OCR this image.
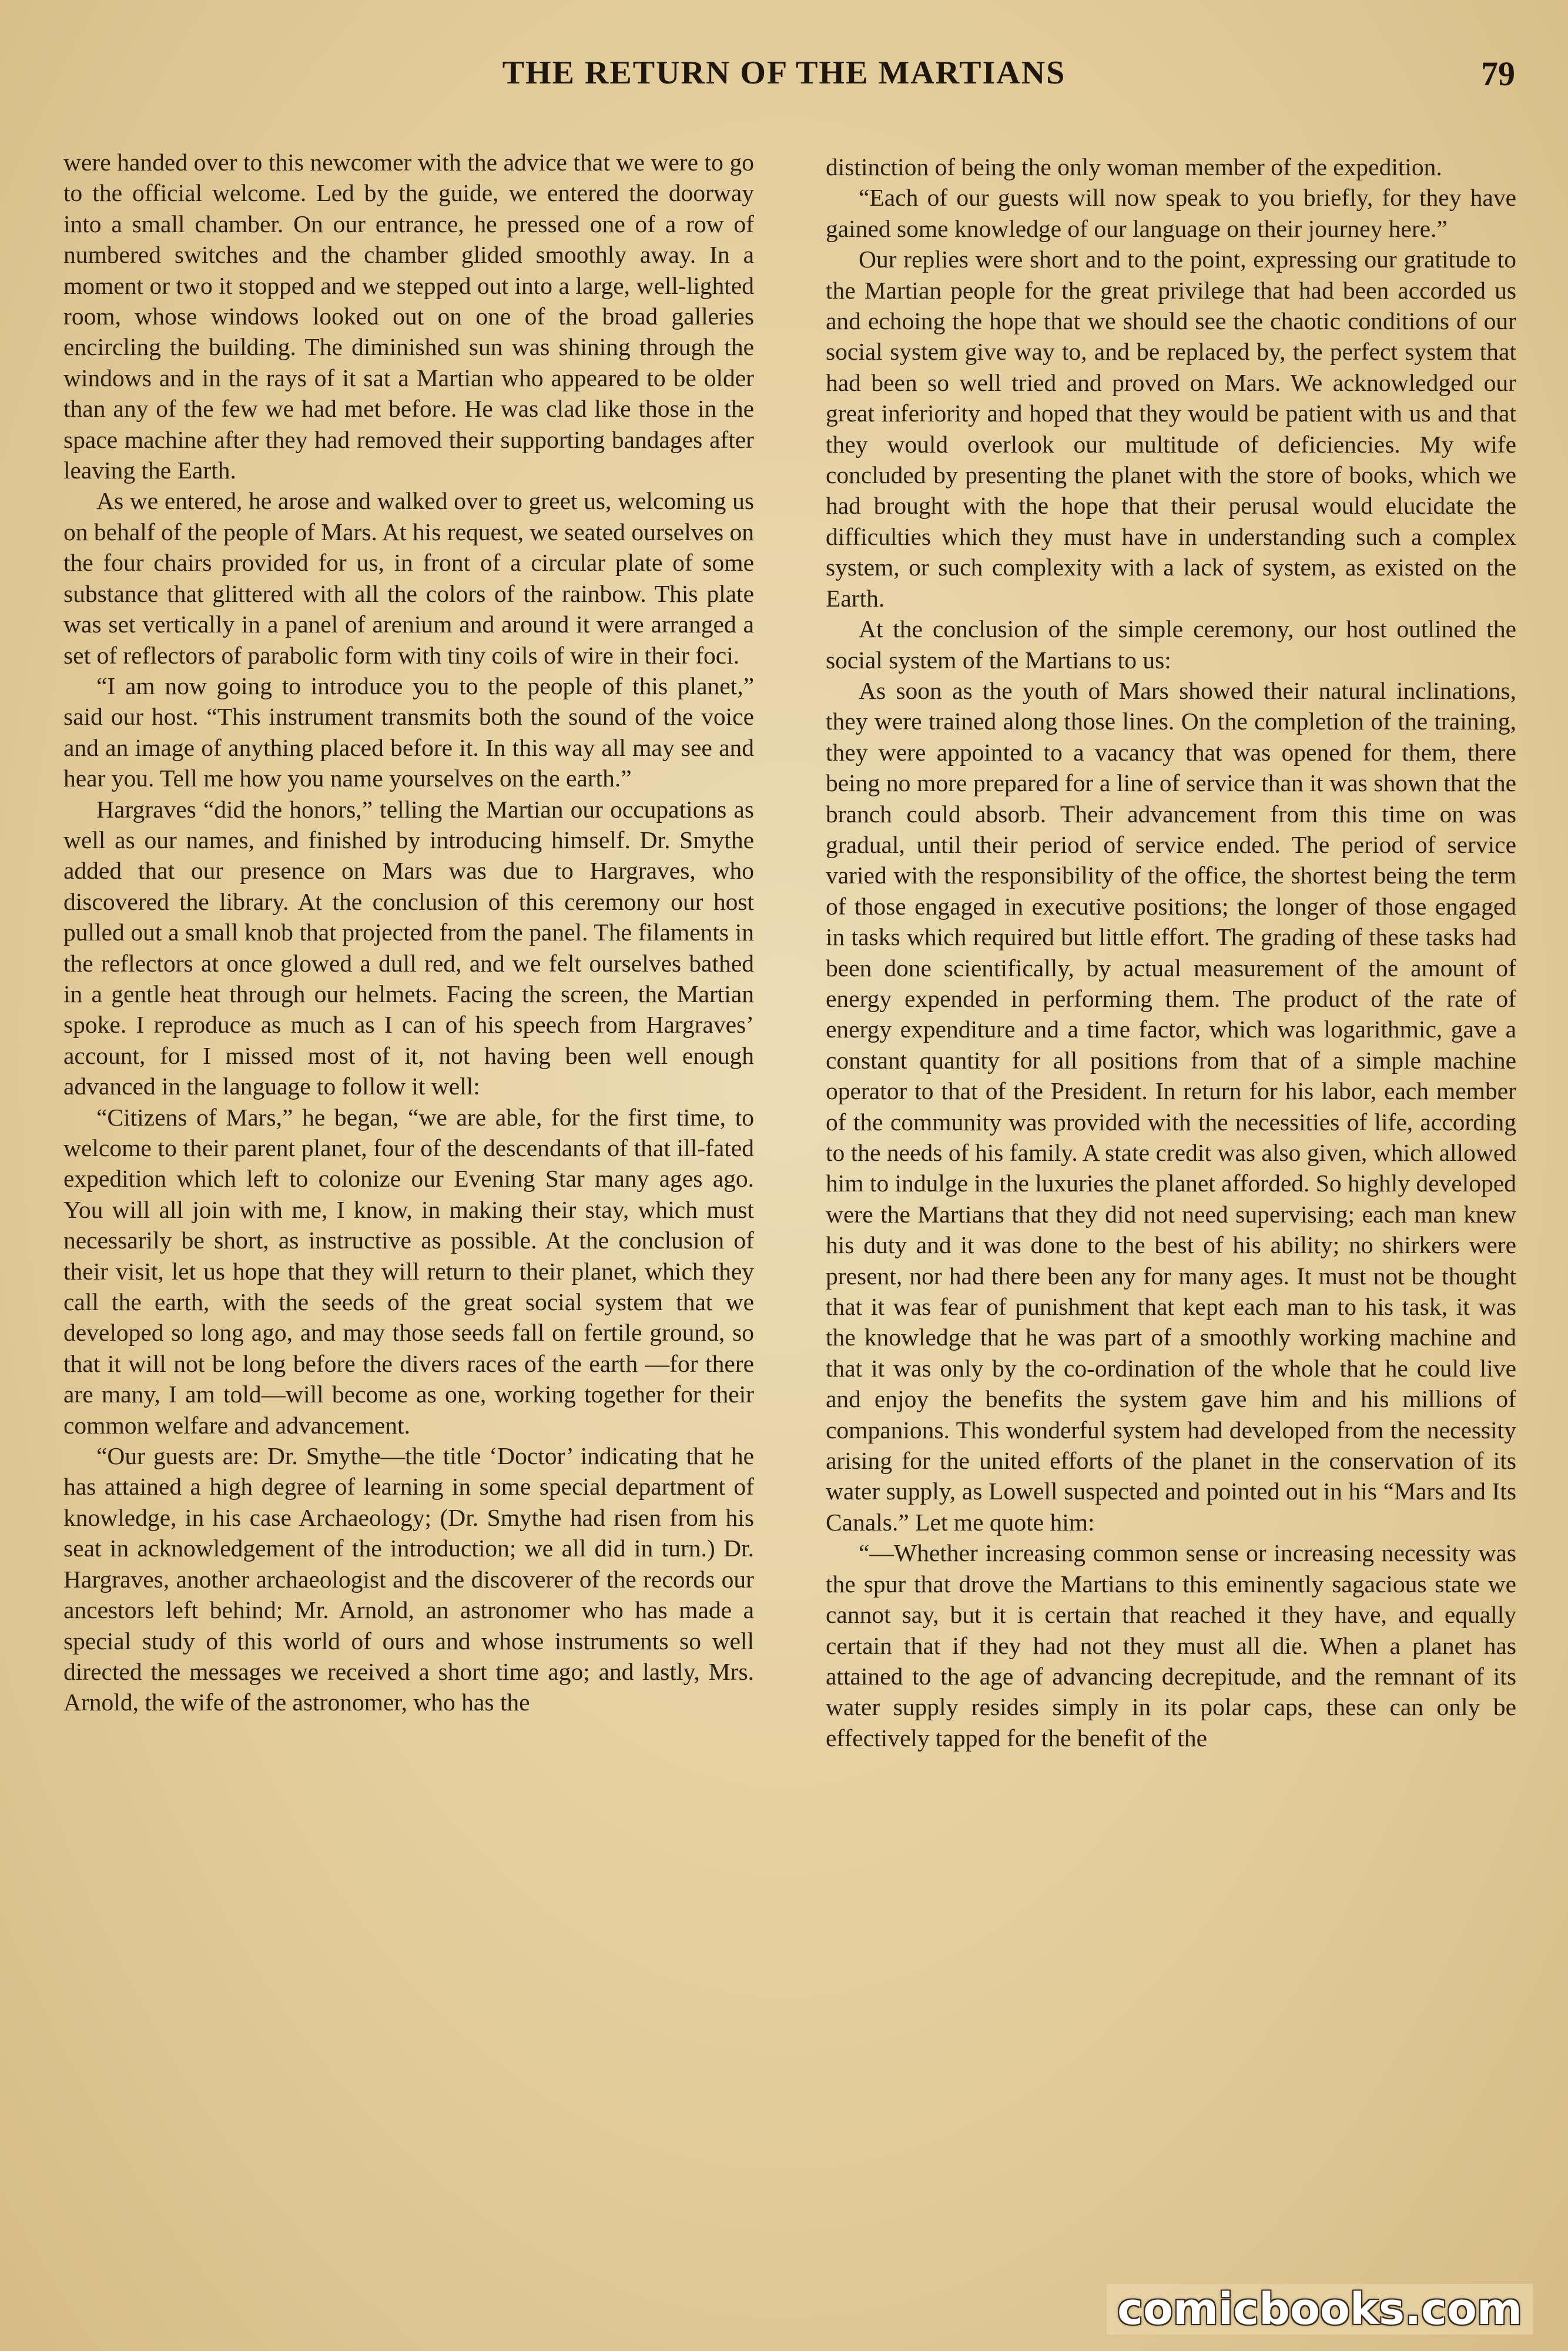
THE RETURN OF THE MARTIANS	79

were handed over to this newcomer with the advice that we were to go to the official welcome. Led by the guide, we entered the doorway into a small chamber. On our entrance, he pressed one of a row of numbered switches and the chamber glided smoothly away. In a moment or two it stopped and we stepped out into a large, well-lighted room, whose windows looked out on one of the broad galleries encircling the building. The diminished sun was shining through the windows and in the rays of it sat a Martian who appeared to be older than any of the few we had met before. He was clad like those in the space machine after they had removed their supporting bandages after leaving the Earth.

As we entered, he arose and walked over to greet us, welcoming us on behalf of the people of Mars. At his request, we seated ourselves on the four chairs provided for us, in front of a circular plate of some substance that glittered with all the colors of the rainbow. This plate was set vertically in a panel of arenium and around it were arranged a set of reflectors of parabolic form with tiny coils of wire in their foci.

“I am now going to introduce you to the people of this planet,” said our host. “This instrument transmits both the sound of the voice and an image of anything placed before it. In this way all may see and hear you. Tell me how you name yourselves on the earth.”

Hargraves “did the honors,” telling the Martian our occupations as well as our names, and finished by introducing himself. Dr. Smythe added that our presence on Mars was due to Hargraves, who discovered the library. At the conclusion of this ceremony our host pulled out a small knob that projected from the panel. The filaments in the reflectors at once glowed a dull red, and we felt ourselves bathed in a gentle heat through our helmets. Facing the screen, the Martian spoke. I reproduce as much as I can of his speech from Hargraves’ account, for I missed most of it, not having been well enough advanced in the language to follow it well:

“Citizens of Mars,” he began, “we are able, for the first time, to welcome to their parent planet, four of the descendants of that ill-fated expedition which left to colonize our Evening Star many ages ago. You will all join with me, I know, in making their stay, which must necessarily be short, as instructive as possible. At the conclusion of their visit, let us hope that they will return to their planet, which they call the earth, with the seeds of the great social system that we developed so long ago, and may those seeds fall on fertile ground, so that it will not be long before the divers races of the earth —for there are many, I am told—will become as one, working together for their common welfare and advancement.

“Our guests are: Dr. Smythe—the title ‘Doctor’ indicating that he has attained a high degree of learning in some special department of knowledge, in his case Archaeology; (Dr. Smythe had risen from his seat in acknowledgement of the introduction; we all did in turn.) Dr. Hargraves, another archaeologist and the discoverer of the records our ancestors left behind; Mr. Arnold, an astronomer who has made a special study of this world of ours and whose instruments so well directed the messages we received a short time ago; and lastly, Mrs. Arnold, the wife of the astronomer, who has the

distinction of being the only woman member of the expedition.

“Each of our guests will now speak to you briefly, for they have gained some knowledge of our language on their journey here.”

Our replies were short and to the point, expressing our gratitude to the Martian people for the great privilege that had been accorded us and echoing the hope that we should see the chaotic conditions of our social system give way to, and be replaced by, the perfect system that had been so well tried and proved on Mars. We acknowledged our great inferiority and hoped that they would be patient with us and that they would overlook our multitude of deficiencies. My wife concluded by presenting the planet with the store of books, which we had brought with the hope that their perusal would elucidate the difficulties which they must have in understanding such a complex system, or such complexity with a lack of system, as existed on the Earth.

At the conclusion of the simple ceremony, our host outlined the social system of the Martians to us:

As soon as the youth of Mars showed their natural inclinations, they were trained along those lines. On the completion of the training, they were appointed to a vacancy that was opened for them, there being no more prepared for a line of service than it was shown that the branch could absorb. Their advancement from this time on was gradual, until their period of service ended. The period of service varied with the responsibility of the office, the shortest being the term of those engaged in executive positions; the longer of those engaged in tasks which required but little effort. The grading of these tasks had been done scientifically, by actual measurement of the amount of energy expended in performing them. The product of the rate of energy expenditure and a time factor, which was logarithmic, gave a constant quantity for all positions from that of a simple machine operator to that of the President. In return for his labor, each member of the community was provided with the necessities of life, according to the needs of his family. A state credit was also given, which allowed him to indulge in the luxuries the planet afforded. So highly developed were the Martians that they did not need supervising; each man knew his duty and it was done to the best of his ability; no shirkers were present, nor had there been any for many ages. It must not be thought that it was fear of punishment that kept each man to his task, it was the knowledge that he was part of a smoothly working machine and that it was only by the co-ordination of the whole that he could live and enjoy the benefits the system gave him and his millions of companions. This wonderful system had developed from the necessity arising for the united efforts of the planet in the conservation of its water supply, as Lowell suspected and pointed out in his “Mars and Its Canals.” Let me quote him:

“—Whether increasing common sense or increasing necessity was the spur that drove the Martians to this eminently sagacious state we cannot say, but it is certain that reached it they have, and equally certain that if they had not they must all die. When a planet has attained to the age of advancing decrepitude, and the remnant of its water supply resides simply in its polar caps, these can only be effectively tapped for the benefit of the

comicbooks.com
